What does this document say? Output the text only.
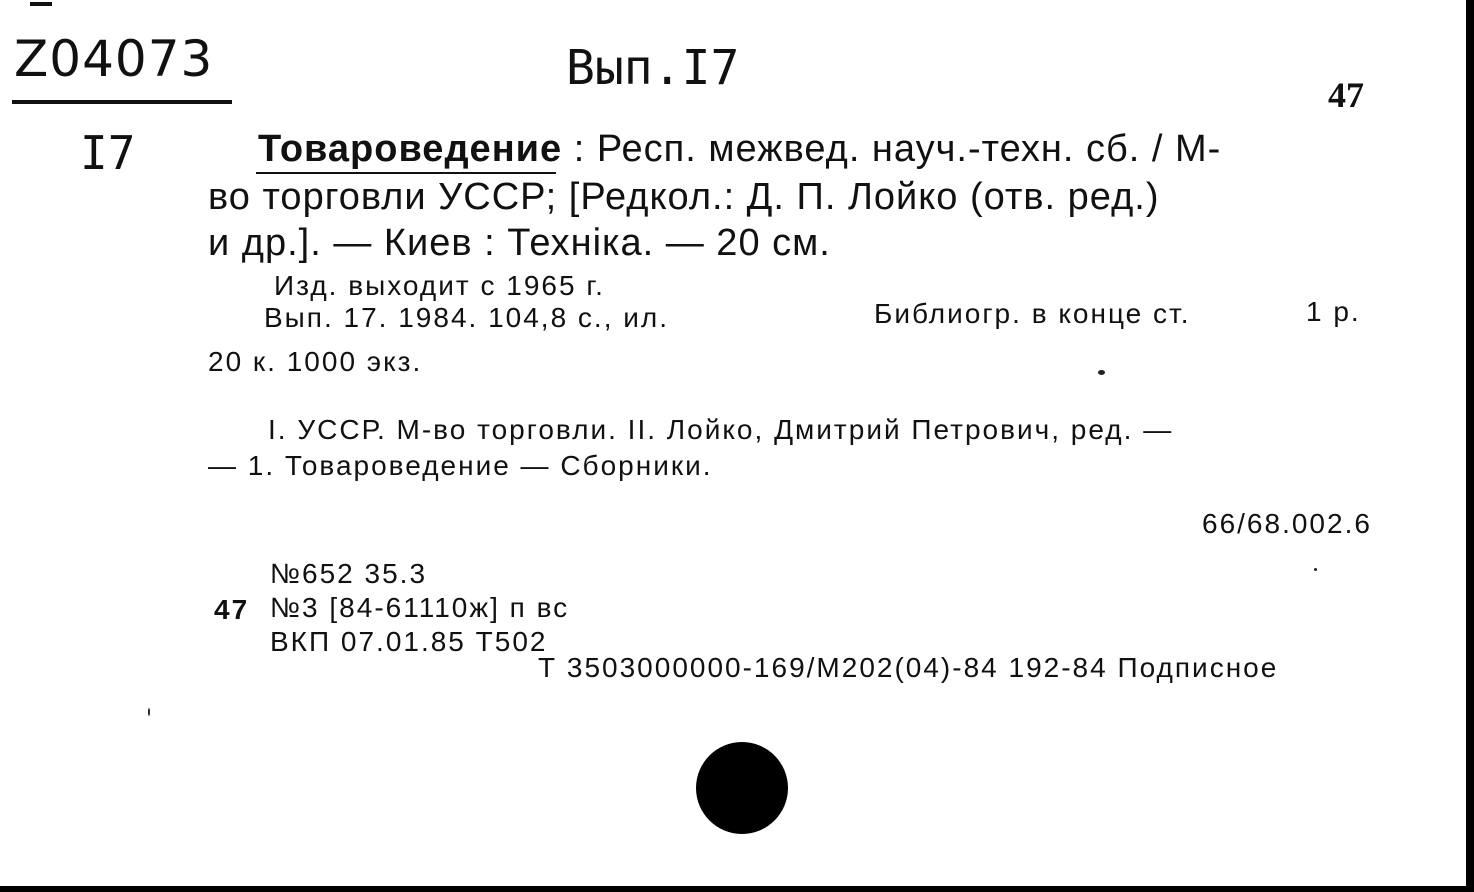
Z04073	Вып.I7
I7
47
Товароведение : Респ. межвед. науч.-техн. сб. / М-
во торговли УССР; [Редкол.: Д. П. Лойко (отв. ред.)
и др.]. — Киев : Техніка. — 20 см.
Изд. выходит с 1965 г.
Вып. 17. 1984. 104,8 с., ил.	Библиогр. в конце ст.	1 р.
20 к. 1000 экз.
I. УССР. М-во торговли. II. Лойко, Дмитрий Петрович, ред. —
— 1. Товароведение — Сборники.
66/68.002.6
№652 35.3
47 №3 [84-61110ж] п вс
ВКП 07.01.85 Т502
Т 3503000000-169/М202(04)-84 192-84 Подписное
